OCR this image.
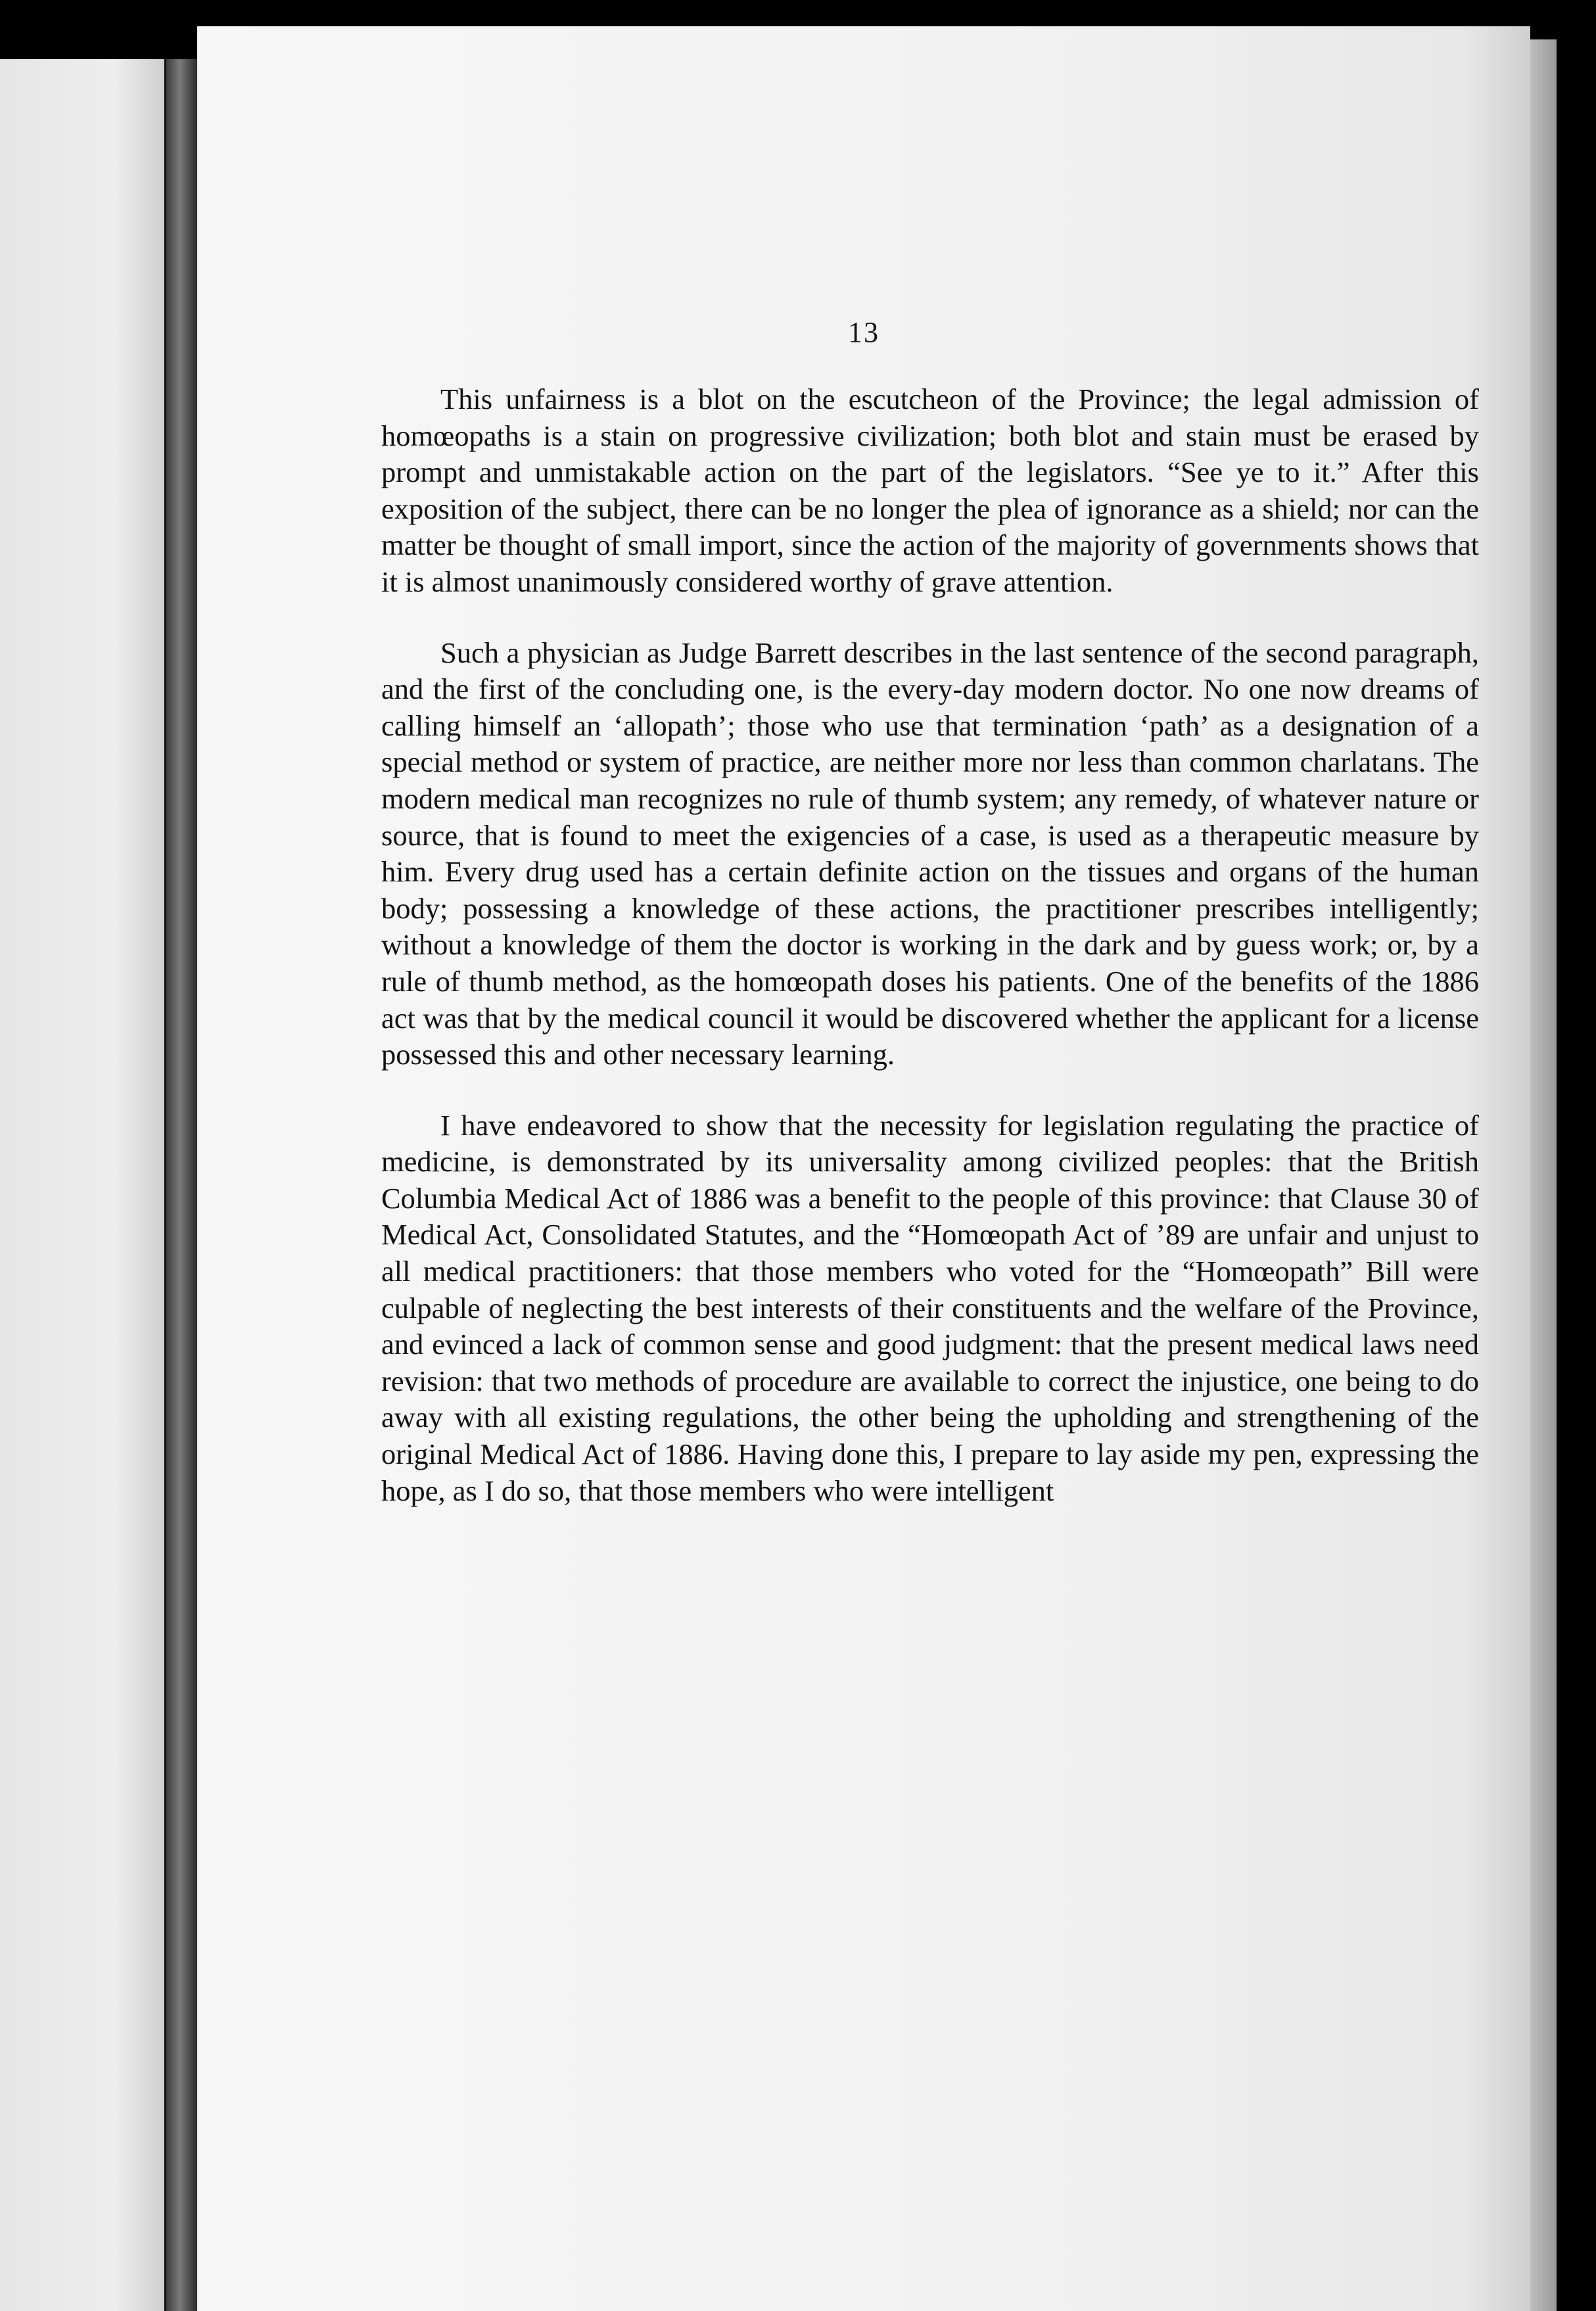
13

This unfairness is a blot on the escutcheon of the Province; the legal admission of homœopaths is a stain on progressive civilization; both blot and stain must be erased by prompt and unmistakable action on the part of the legislators. “See ye to it.” After this exposition of the subject, there can be no longer the plea of ignorance as a shield; nor can the matter be thought of small import, since the action of the majority of governments shows that it is almost unanimously considered worthy of grave attention.

Such a physician as Judge Barrett describes in the last sentence of the second paragraph, and the first of the concluding one, is the every-day modern doctor. No one now dreams of calling himself an ‘allopath’; those who use that termination ‘path’ as a designation of a special method or system of practice, are neither more nor less than common charlatans. The modern medical man recognizes no rule of thumb system; any remedy, of whatever nature or source, that is found to meet the exigencies of a case, is used as a therapeutic measure by him. Every drug used has a certain definite action on the tissues and organs of the human body; possessing a knowledge of these actions, the practitioner prescribes intelligently; without a knowledge of them the doctor is working in the dark and by guess work; or, by a rule of thumb method, as the homœopath doses his patients. One of the benefits of the 1886 act was that by the medical council it would be discovered whether the applicant for a license possessed this and other necessary learning.

I have endeavored to show that the necessity for legislation regulating the practice of medicine, is demonstrated by its universality among civilized peoples: that the British Columbia Medical Act of 1886 was a benefit to the people of this province: that Clause 30 of Medical Act, Consolidated Statutes, and the “Homœopath Act of ’89 are unfair and unjust to all medical practitioners: that those members who voted for the “Homœopath” Bill were culpable of neglecting the best interests of their constituents and the welfare of the Province, and evinced a lack of common sense and good judgment: that the present medical laws need revision: that two methods of procedure are available to correct the injustice, one being to do away with all existing regulations, the other being the upholding and strengthening of the original Medical Act of 1886. Having done this, I prepare to lay aside my pen, expressing the hope, as I do so, that those members who were intelligent
